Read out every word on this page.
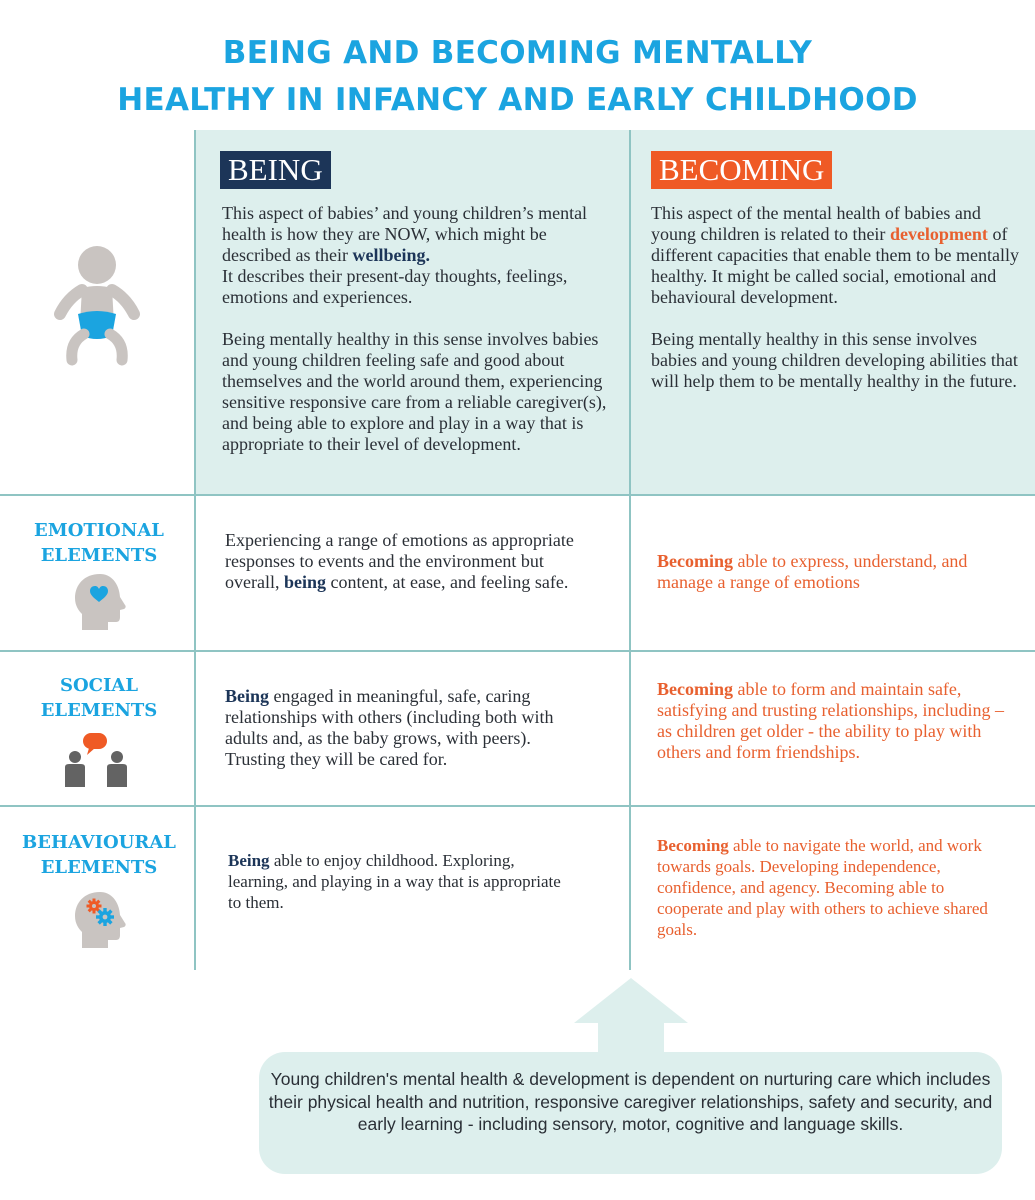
BEING AND BECOMING MENTALLY
HEALTHY IN INFANCY AND EARLY CHILDHOOD
BEING	BECOMING

This aspect of babies’ and young children’s mental health is how they are NOW, which might be described as their wellbeing.
It describes their present-day thoughts, feelings, emotions and experiences.

Being mentally healthy in this sense involves babies and young children feeling safe and good about themselves and the world around them, experiencing sensitive responsive care from a reliable caregiver(s), and being able to explore and play in a way that is appropriate to their level of development.

This aspect of the mental health of babies and young children is related to their development of different capacities that enable them to be mentally healthy. It might be called social, emotional and behavioural development.

Being mentally healthy in this sense involves babies and young children developing abilities that will help them to be mentally healthy in the future.

EMOTIONAL
ELEMENTS
Experiencing a range of emotions as appropriate responses to events and the environment but overall, being content, at ease, and feeling safe.
Becoming able to express, understand, and manage a range of emotions
SOCIAL
ELEMENTS
Being engaged in meaningful, safe, caring relationships with others (including both with adults and, as the baby grows, with peers). Trusting they will be cared for.
Becoming able to form and maintain safe, satisfying and trusting relationships, including – as children get older - the ability to play with others and form friendships.
BEHAVIOURAL
ELEMENTS	Being able to enjoy childhood. Exploring, learning, and playing in a way that is appropriate to them.
Becoming able to navigate the world, and work towards goals. Developing independence, confidence, and agency. Becoming able to cooperate and play with others to achieve shared goals.
Young children's mental health & development is dependent on nurturing care which includes their physical health and nutrition, responsive caregiver relationships, safety and security, and early learning - including sensory, motor, cognitive and language skills.
